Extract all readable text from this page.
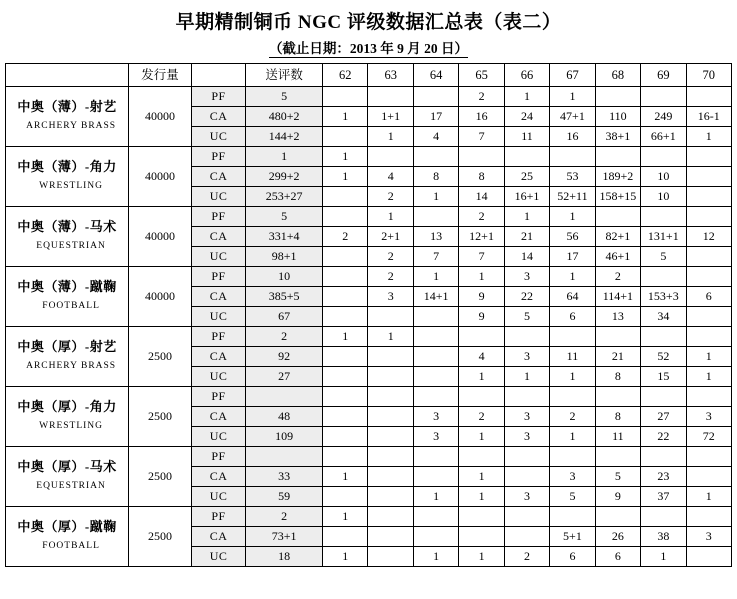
早期精制铜币 NGC 评级数据汇总表（表二）
（截止日期：2013 年 9 月 20 日）
	发行量		送评数	62	63	64	65	66	67	68	69	70

中奥（薄）-射艺
ARCHERY BRASS	40000	PF	5				2	1	1			
		CA	480+2	1	1+1	17	16	24	47+1	110	249	16-1
		UC	144+2		1	4	7	11	16	38+1	66+1	1

中奥（薄）-角力
WRESTLING	40000	PF	1	1								
		CA	299+2	1	4	8	8	25	53	189+2	10	
		UC	253+27		2	1	14	16+1	52+11	158+15	10	

中奥（薄）-马术
EQUESTRIAN	40000	PF	5		1		2	1	1			
		CA	331+4	2	2+1	13	12+1	21	56	82+1	131+1	12
		UC	98+1		2	7	7	14	17	46+1	5	

中奥（薄）-蹴鞠
FOOTBALL	40000	PF	10		2	1	1	3	1	2		
		CA	385+5		3	14+1	9	22	64	114+1	153+3	6
		UC	67				9	5	6	13	34	

中奥（厚）-射艺
ARCHERY BRASS	2500	PF	2	1	1							
		CA	92				4	3	11	21	52	1
		UC	27				1	1	1	8	15	1

中奥（厚）-角力
WRESTLING	2500	PF										
		CA	48			3	2	3	2	8	27	3
		UC	109			3	1	3	1	11	22	72

中奥（厚）-马术
EQUESTRIAN	2500	PF										
		CA	33	1			1		3	5	23	
		UC	59			1	1	3	5	9	37	1

中奥（厚）-蹴鞠
FOOTBALL	2500	PF	2	1								
		CA	73+1						5+1	26	38	3
		UC	18	1		1	1	2	6	6	1	
